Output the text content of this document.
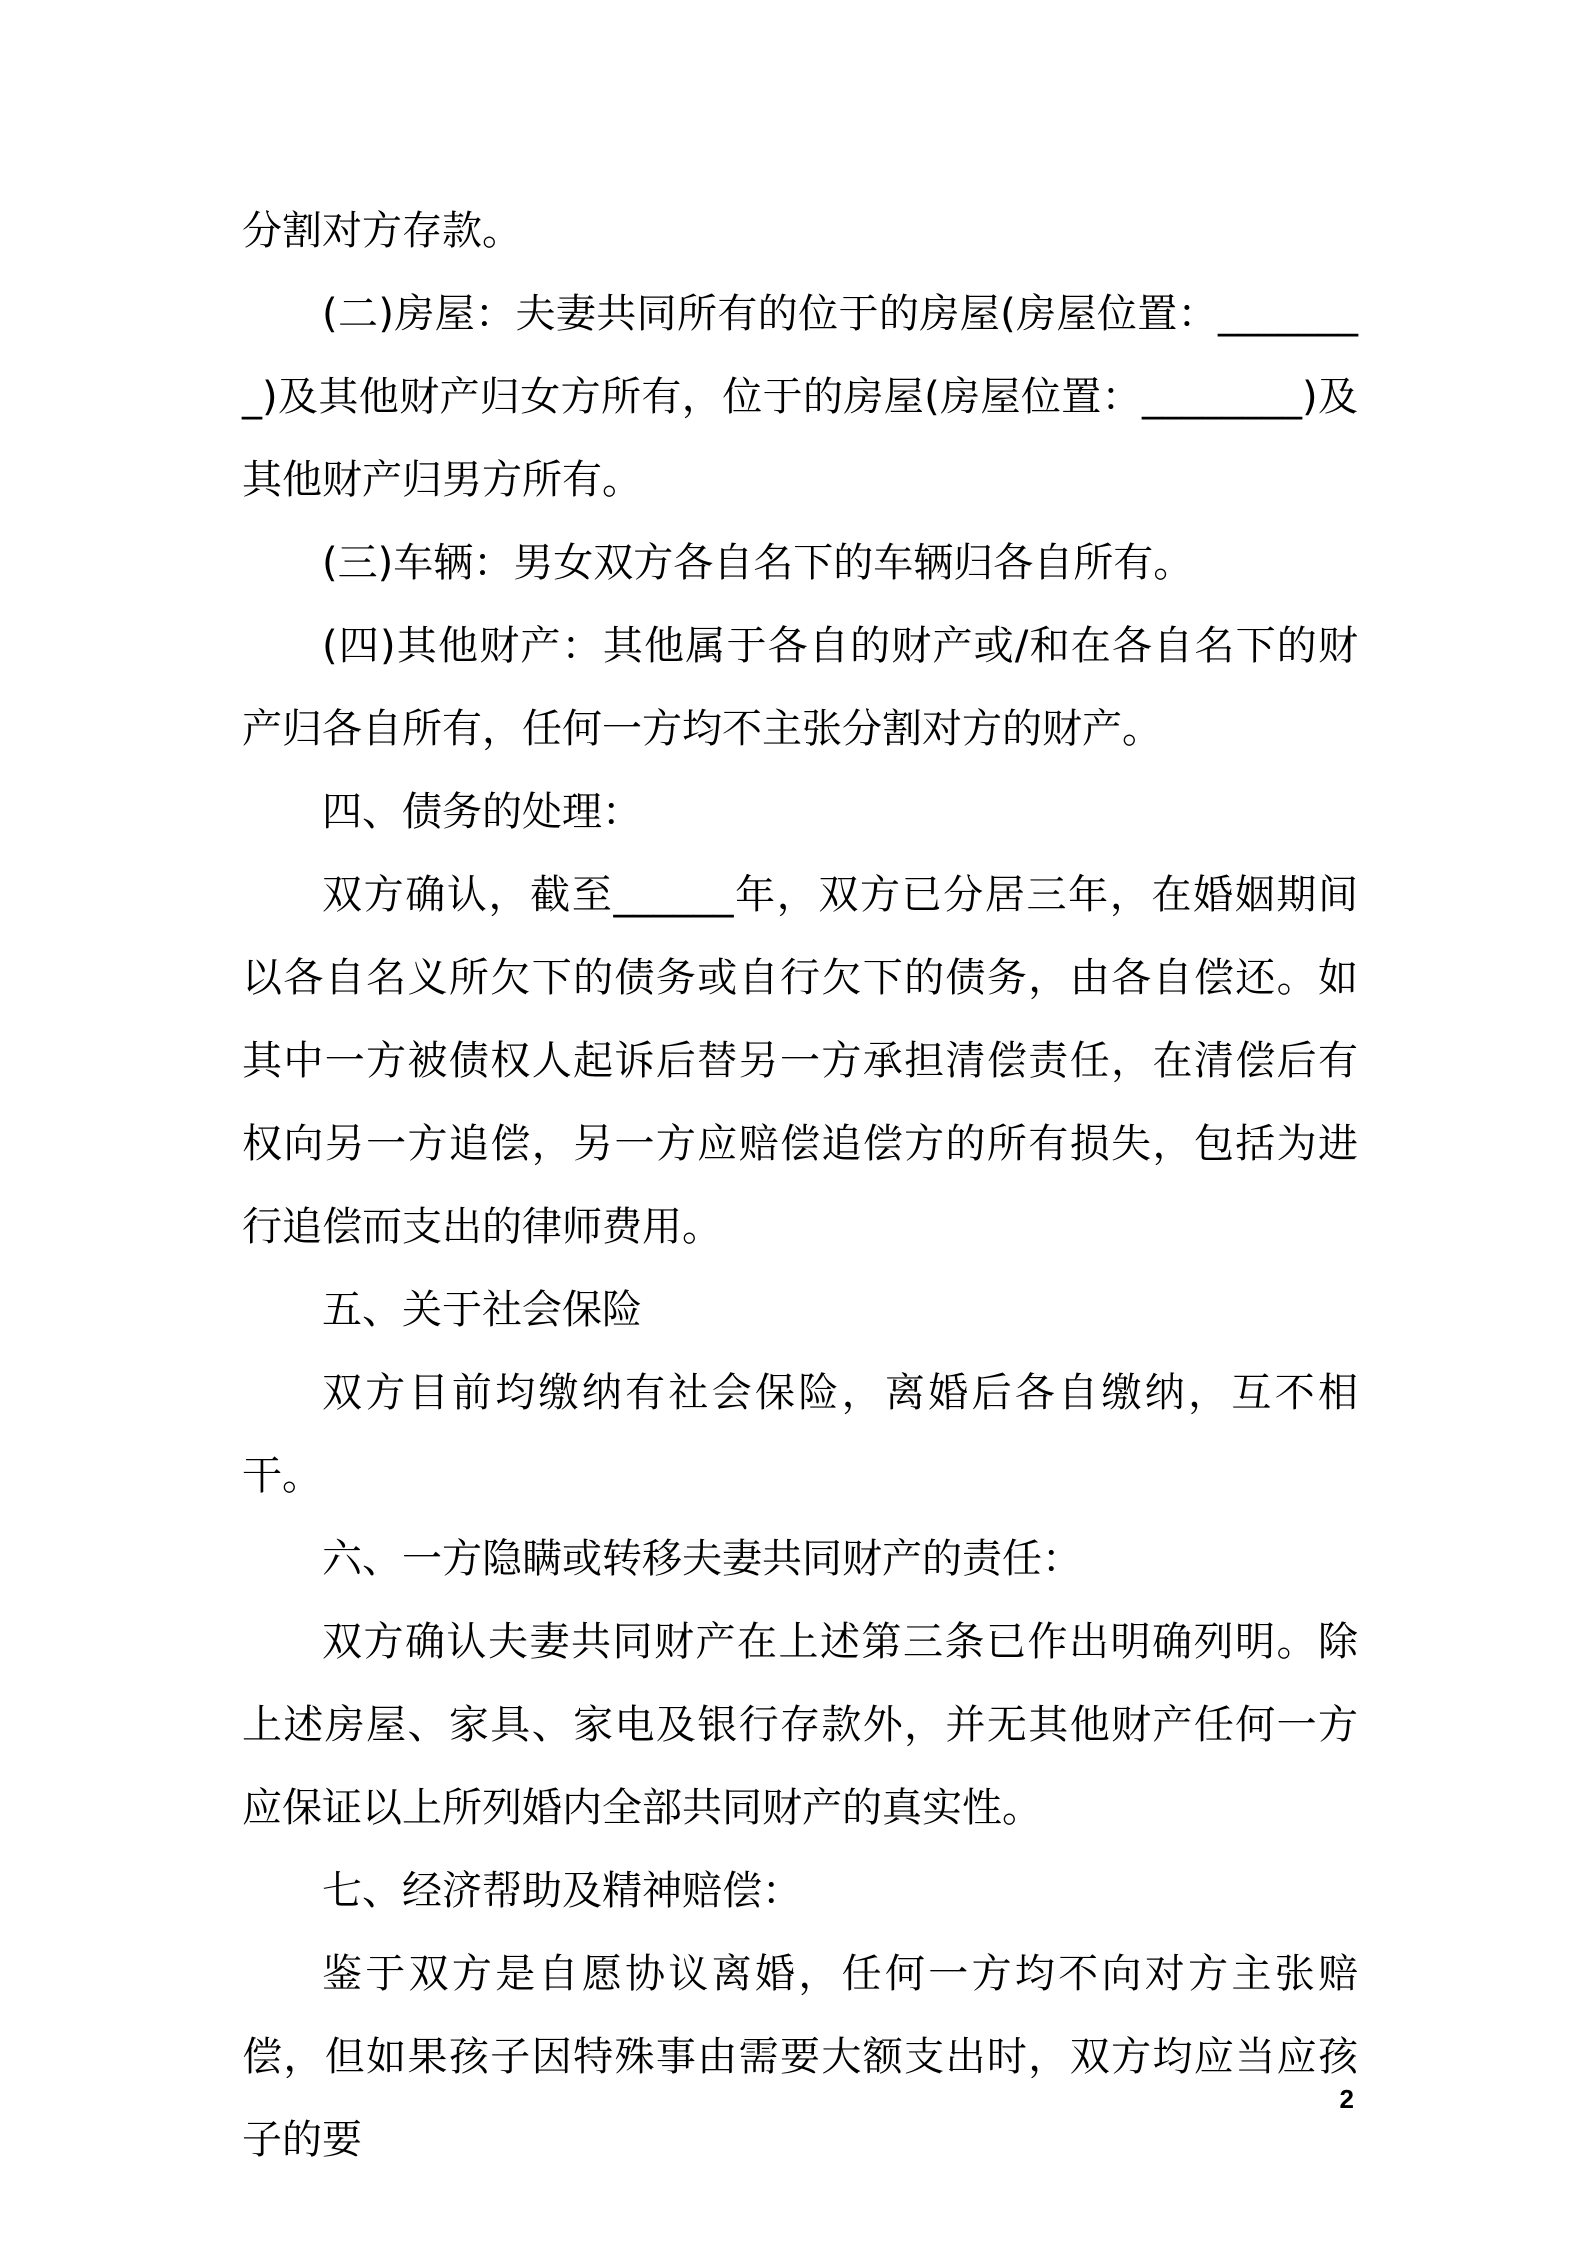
分割对方存款。

(二)房屋：夫妻共同所有的位于的房屋(房屋位置：________)及其他财产归女方所有，位于的房屋(房屋位置：________)及其他财产归男方所有。

(三)车辆：男女双方各自名下的车辆归各自所有。

(四)其他财产：其他属于各自的财产或/和在各自名下的财产归各自所有，任何一方均不主张分割对方的财产。

四、债务的处理：

双方确认，截至______年，双方已分居三年，在婚姻期间以各自名义所欠下的债务或自行欠下的债务，由各自偿还。如其中一方被债权人起诉后替另一方承担清偿责任，在清偿后有权向另一方追偿，另一方应赔偿追偿方的所有损失，包括为进行追偿而支出的律师费用。

五、关于社会保险

双方目前均缴纳有社会保险，离婚后各自缴纳，互不相干。

六、一方隐瞒或转移夫妻共同财产的责任：

双方确认夫妻共同财产在上述第三条已作出明确列明。除上述房屋、家具、家电及银行存款外，并无其他财产任何一方应保证以上所列婚内全部共同财产的真实性。

七、经济帮助及精神赔偿：

鉴于双方是自愿协议离婚，任何一方均不向对方主张赔偿，但如果孩子因特殊事由需要大额支出时，双方均应当应孩子的要

2
